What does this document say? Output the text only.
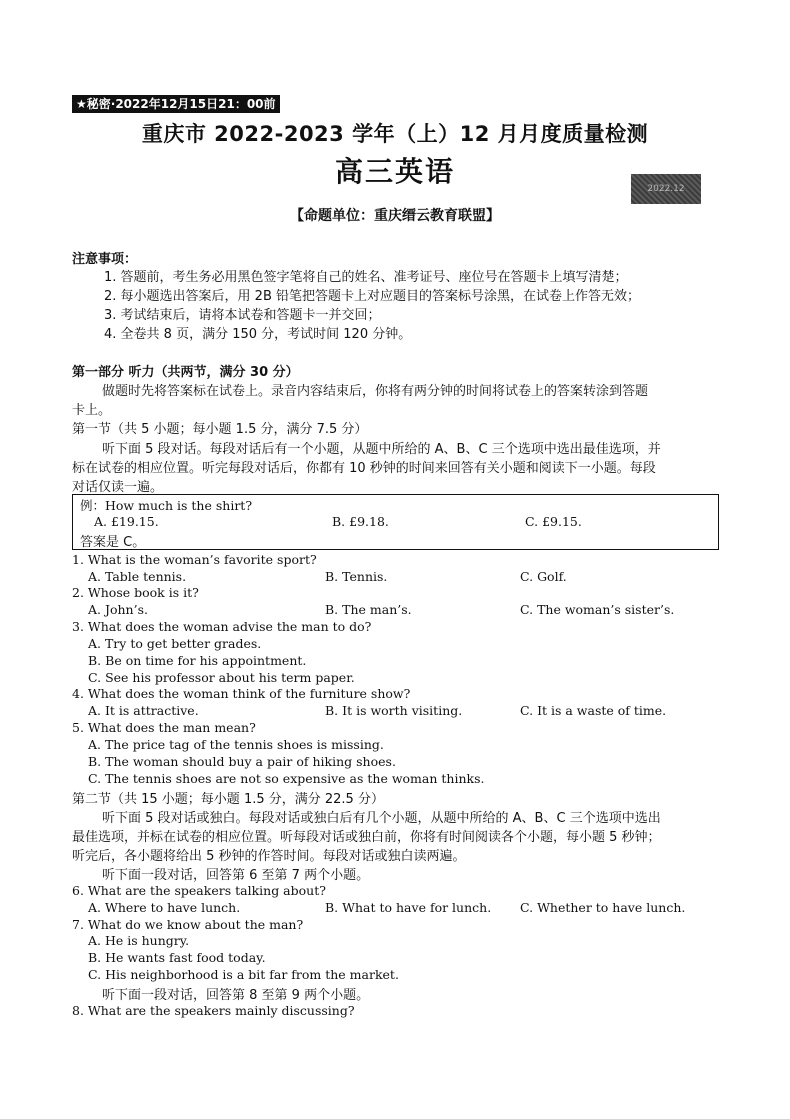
★秘密·2022年12月15日21：00前
重庆市 2022-2023 学年（上）12 月月度质量检测
高三英语
2022.12
【命题单位：重庆缙云教育联盟】
注意事项：
1. 答题前，考生务必用黑色签字笔将自己的姓名、准考证号、座位号在答题卡上填写清楚；
2. 每小题选出答案后，用 2B 铅笔把答题卡上对应题目的答案标号涂黑，在试卷上作答无效；
3. 考试结束后，请将本试卷和答题卡一并交回；
4. 全卷共 8 页，满分 150 分，考试时间 120 分钟。
第一部分 听力（共两节，满分 30 分）
做题时先将答案标在试卷上。录音内容结束后，你将有两分钟的时间将试卷上的答案转涂到答题
卡上。
第一节（共 5 小题；每小题 1.5 分，满分 7.5 分）
听下面 5 段对话。每段对话后有一个小题，从题中所给的 A、B、C 三个选项中选出最佳选项，并
标在试卷的相应位置。听完每段对话后，你都有 10 秒钟的时间来回答有关小题和阅读下一小题。每段
对话仅读一遍。
例：How much is the shirt?
A. £19.15.	B. £9.18.	C. £9.15.
答案是 C。
1. What is the woman’s favorite sport?
A. Table tennis.	B. Tennis.	C. Golf.
2. Whose book is it?
A. John’s.	B. The man’s.	C. The woman’s sister’s.
3. What does the woman advise the man to do?
A. Try to get better grades.
B. Be on time for his appointment.
C. See his professor about his term paper.
4. What does the woman think of the furniture show?
A. It is attractive.	B. It is worth visiting.	C. It is a waste of time.
5. What does the man mean?
A. The price tag of the tennis shoes is missing.
B. The woman should buy a pair of hiking shoes.
C. The tennis shoes are not so expensive as the woman thinks.
第二节（共 15 小题；每小题 1.5 分，满分 22.5 分）
听下面 5 段对话或独白。每段对话或独白后有几个小题，从题中所给的 A、B、C 三个选项中选出
最佳选项，并标在试卷的相应位置。听每段对话或独白前，你将有时间阅读各个小题，每小题 5 秒钟；
听完后，各小题将给出 5 秒钟的作答时间。每段对话或独白读两遍。
听下面一段对话，回答第 6 至第 7 两个小题。
6. What are the speakers talking about?
A. Where to have lunch.	B. What to have for lunch. C. Whether to have lunch.
7. What do we know about the man?
A. He is hungry.
B. He wants fast food today.
C. His neighborhood is a bit far from the market.
听下面一段对话，回答第 8 至第 9 两个小题。
8. What are the speakers mainly discussing?
